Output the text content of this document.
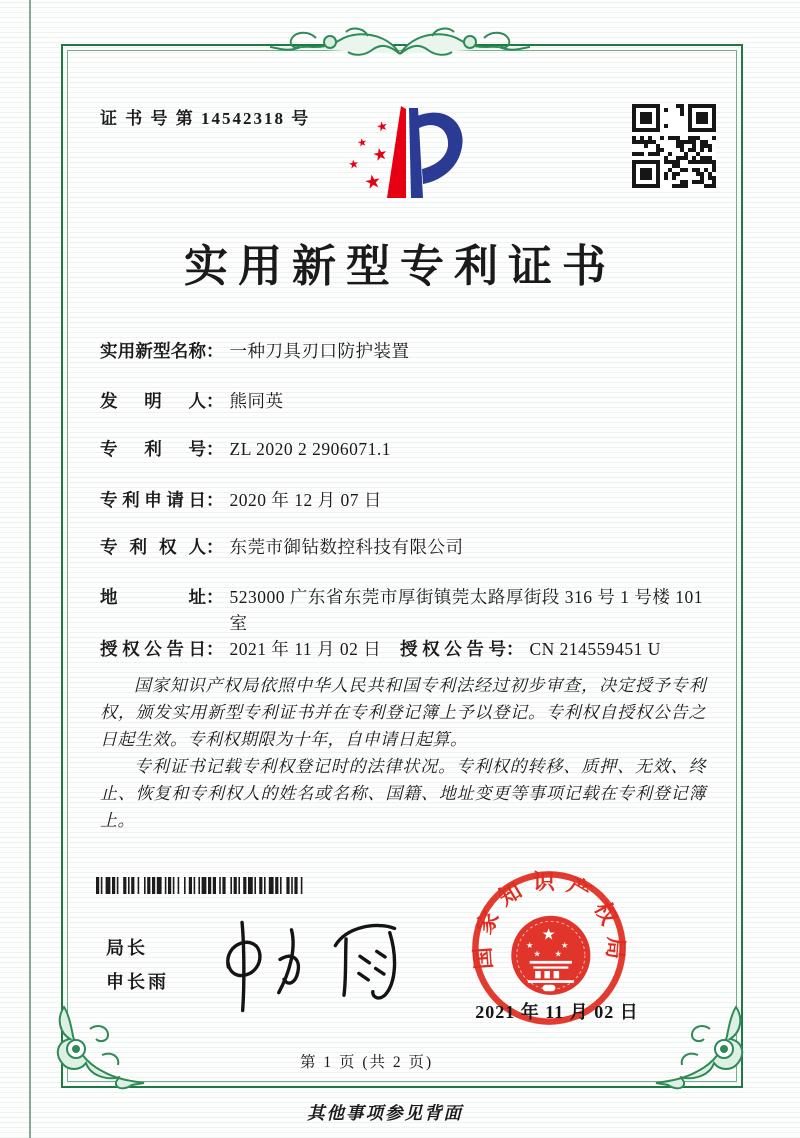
证 书 号 第 14542318 号	★
★
★
★
★
实用新型专利证书
实用新型名称： 一种刀具刃口防护装置
发明人： 熊同英
专利号： ZL 2020 2 2906071.1
专利申请日： 2020 年 12 月 07 日
专利权人： 东莞市御钻数控科技有限公司
地址： 523000 广东省东莞市厚街镇莞太路厚街段 316 号 1 号楼 101 室
授权公告日： 2021 年 11 月 02 日 授权公告号： CN 214559451 U

国家知识产权局依照中华人民共和国专利法经过初步审查，决定授予专利权，颁发实用新型专利证书并在专利登记簿上予以登记。专利权自授权公告之日起生效。专利权期限为十年，自申请日起算。

专利证书记载专利权登记时的法律状况。专利权的转移、质押、无效、终止、恢复和专利权人的姓名或名称、国籍、地址变更等事项记载在专利登记簿上。

局长
申长雨
国家知识产权局
★
★	★
★ ★
2021 年 11 月 02 日
第 1 页 (共 2 页)
其他事项参见背面
